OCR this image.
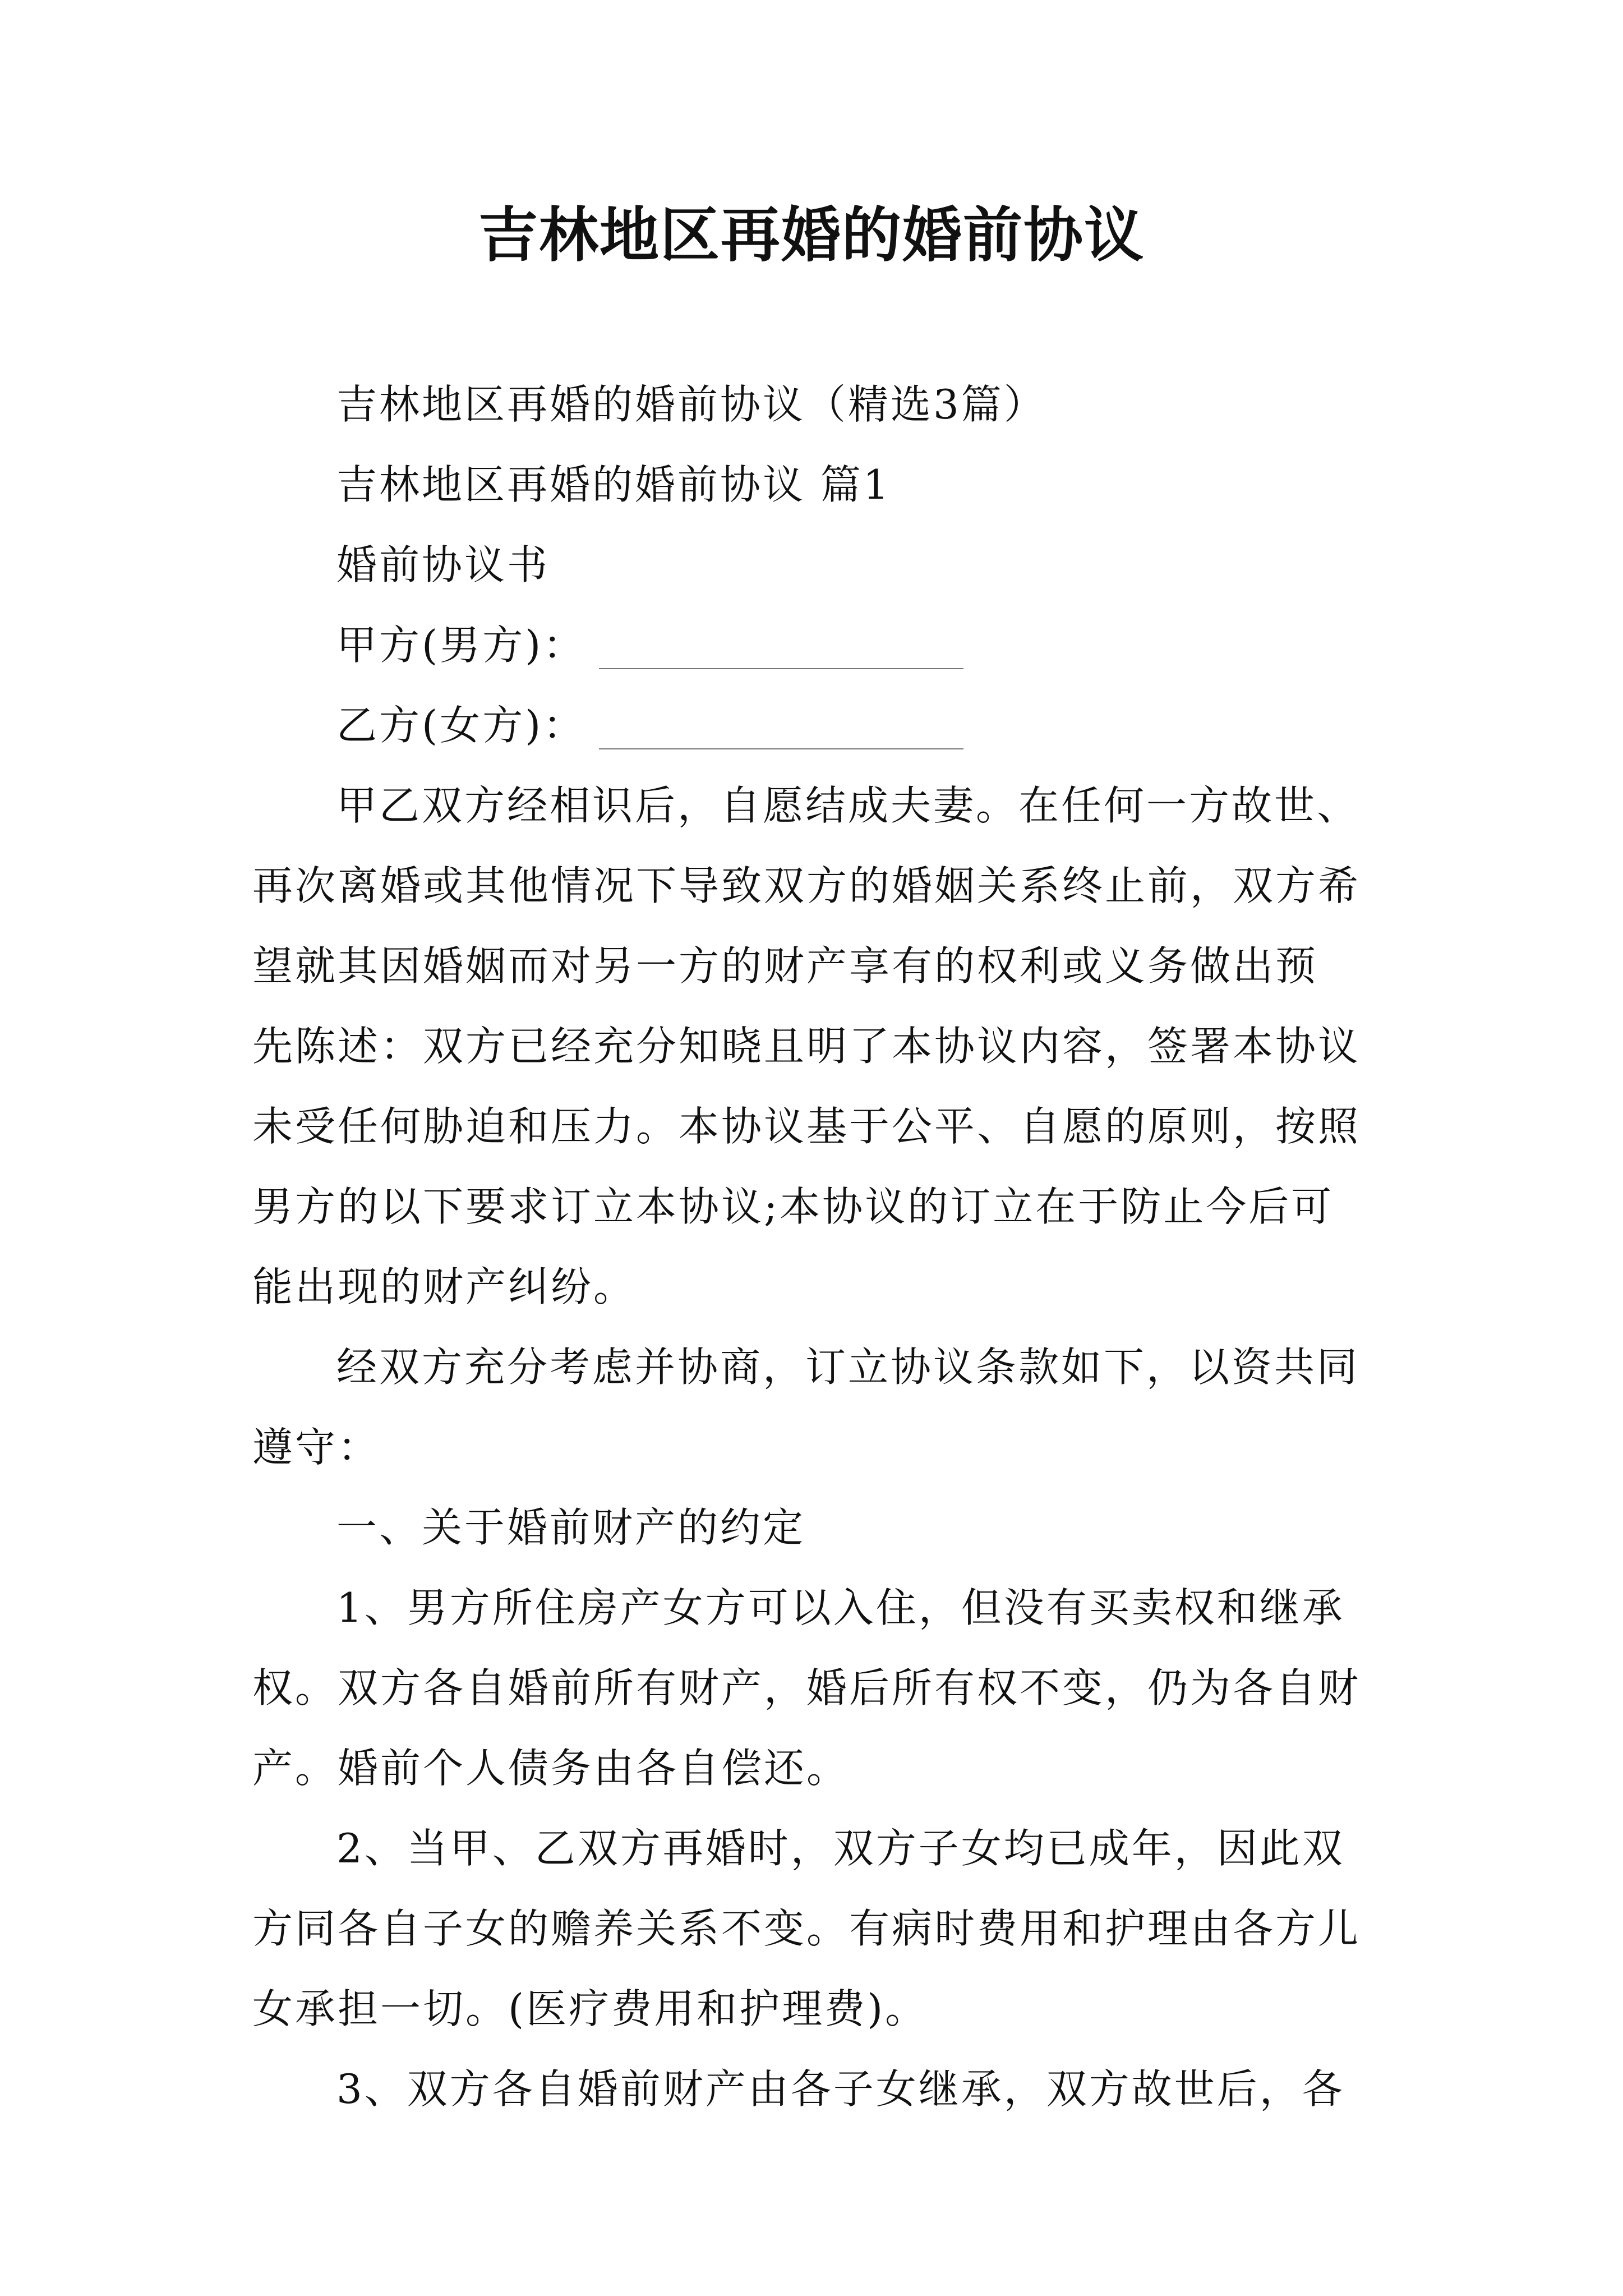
吉林地区再婚的婚前协议
吉林地区再婚的婚前协议（精选3篇）
吉林地区再婚的婚前协议 篇1
婚前协议书
甲方(男方)：
乙方(女方)：
甲乙双方经相识后，自愿结成夫妻。在任何一方故世、
再次离婚或其他情况下导致双方的婚姻关系终止前，双方希
望就其因婚姻而对另一方的财产享有的权利或义务做出预
先陈述：双方已经充分知晓且明了本协议内容，签署本协议
未受任何胁迫和压力。本协议基于公平、自愿的原则，按照
男方的以下要求订立本协议;本协议的订立在于防止今后可
能出现的财产纠纷。
经双方充分考虑并协商，订立协议条款如下，以资共同
遵守：
一、关于婚前财产的约定
1、男方所住房产女方可以入住，但没有买卖权和继承
权。双方各自婚前所有财产，婚后所有权不变，仍为各自财
产。婚前个人债务由各自偿还。
2、当甲、乙双方再婚时，双方子女均已成年，因此双
方同各自子女的赡养关系不变。有病时费用和护理由各方儿
女承担一切。(医疗费用和护理费)。
3、双方各自婚前财产由各子女继承，双方故世后，各
